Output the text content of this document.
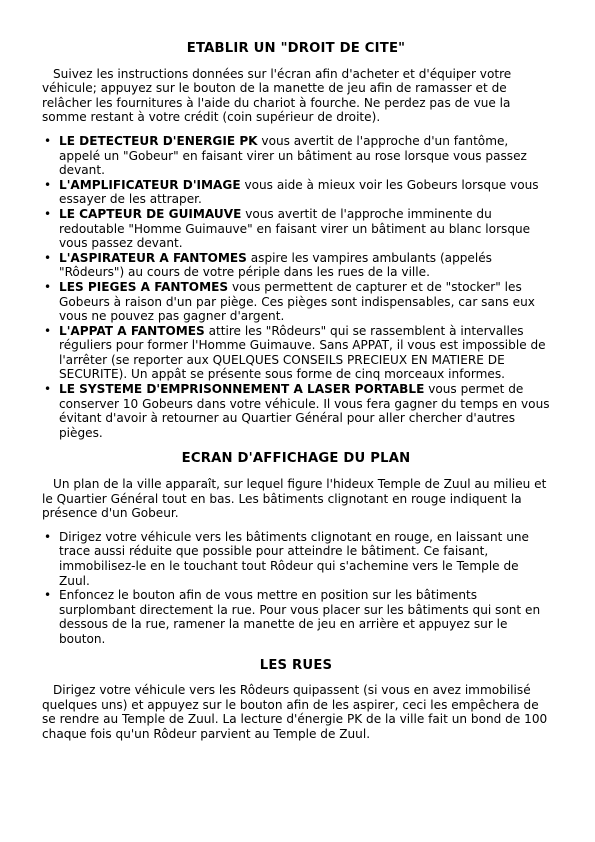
ETABLIR UN "DROIT DE CITE"

Suivez les instructions données sur l'écran afin d'acheter et d'équiper votre véhicule; appuyez sur le bouton de la manette de jeu afin de ramasser et de relâcher les fournitures à l'aide du chariot à fourche. Ne perdez pas de vue la somme restant à votre crédit (coin supérieur de droite).

• LE DETECTEUR D'ENERGIE PK vous avertit de l'approche d'un fantôme, appelé un "Gobeur" en faisant virer un bâtiment au rose lorsque vous passez devant.
• L'AMPLIFICATEUR D'IMAGE vous aide à mieux voir les Gobeurs lorsque vous essayer de les attraper.
• LE CAPTEUR DE GUIMAUVE vous avertit de l'approche imminente du redoutable "Homme Guimauve" en faisant virer un bâtiment au blanc lorsque vous passez devant.
• L'ASPIRATEUR A FANTOMES aspire les vampires ambulants (appelés "Rôdeurs") au cours de votre périple dans les rues de la ville.
• LES PIEGES A FANTOMES vous permettent de capturer et de "stocker" les Gobeurs à raison d'un par piège. Ces pièges sont indispensables, car sans eux vous ne pouvez pas gagner d'argent.
• L'APPAT A FANTOMES attire les "Rôdeurs" qui se rassemblent à intervalles réguliers pour former l'Homme Guimauve. Sans APPAT, il vous est impossible de l'arrêter (se reporter aux QUELQUES CONSEILS PRECIEUX EN MATIERE DE SECURITE). Un appât se présente sous forme de cinq morceaux informes.
• LE SYSTEME D'EMPRISONNEMENT A LASER PORTABLE vous permet de conserver 10 Gobeurs dans votre véhicule. Il vous fera gagner du temps en vous évitant d'avoir à retourner au Quartier Général pour aller chercher d'autres pièges.
ECRAN D'AFFICHAGE DU PLAN

Un plan de la ville apparaît, sur lequel figure l'hideux Temple de Zuul au milieu et le Quartier Général tout en bas. Les bâtiments clignotant en rouge indiquent la présence d'un Gobeur.

• Dirigez votre véhicule vers les bâtiments clignotant en rouge, en laissant une trace aussi réduite que possible pour atteindre le bâtiment. Ce faisant, immobilisez-le en le touchant tout Rôdeur qui s'achemine vers le Temple de Zuul.
• Enfoncez le bouton afin de vous mettre en position sur les bâtiments surplombant directement la rue. Pour vous placer sur les bâtiments qui sont en dessous de la rue, ramener la manette de jeu en arrière et appuyez sur le bouton.
LES RUES

Dirigez votre véhicule vers les Rôdeurs quipassent (si vous en avez immobilisé quelques uns) et appuyez sur le bouton afin de les aspirer, ceci les empêchera de se rendre au Temple de Zuul. La lecture d'énergie PK de la ville fait un bond de 100 chaque fois qu'un Rôdeur parvient au Temple de Zuul.
